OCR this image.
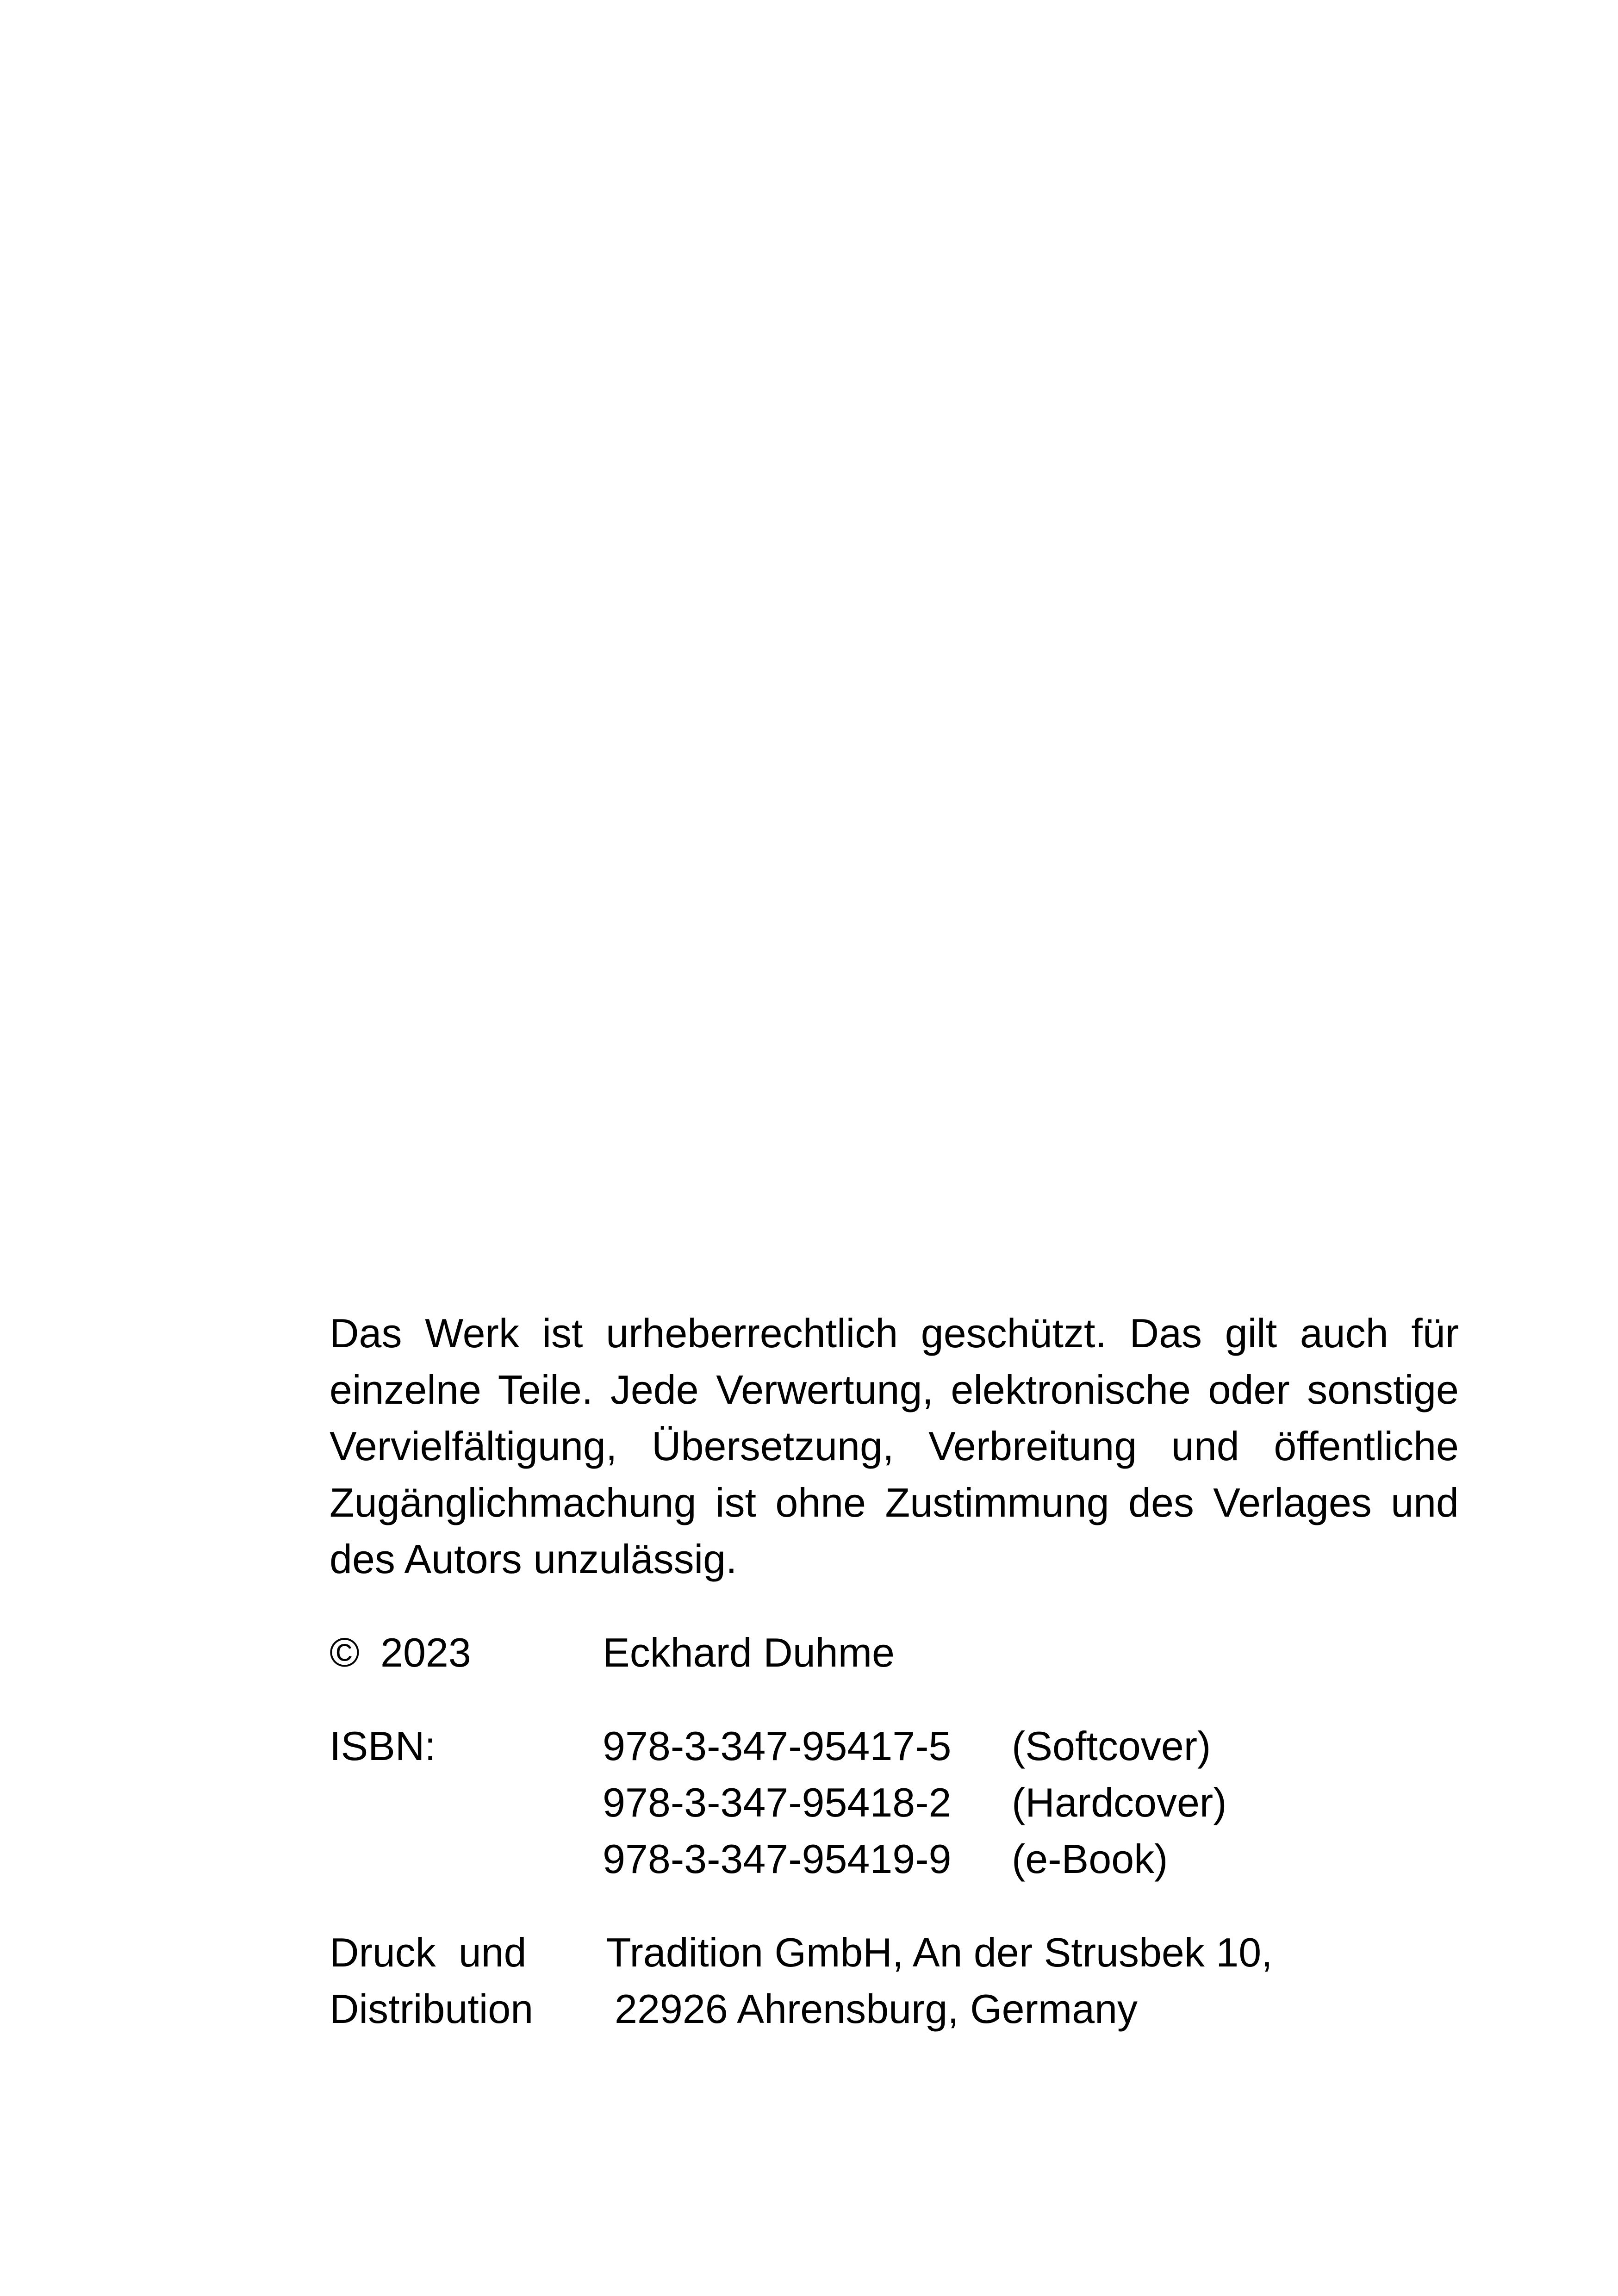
Das Werk ist urheberrechtlich geschützt. Das gilt auch für einzelne Teile. Jede Verwertung, elektronische oder sonstige Vervielfältigung, Übersetzung, Verbreitung und öffentliche Zugänglichmachung ist ohne Zustimmung des Verlages und des Autors unzulässig.

© 2023	Eckhard Duhme
ISBN:	978-3-347-95417-5 (Softcover)
978-3-347-95418-2 (Hardcover)
978-3-347-95419-9 (e-Book)
Druck  und Tradition GmbH, An der Strusbek 10,
Distribution 22926 Ahrensburg, Germany
